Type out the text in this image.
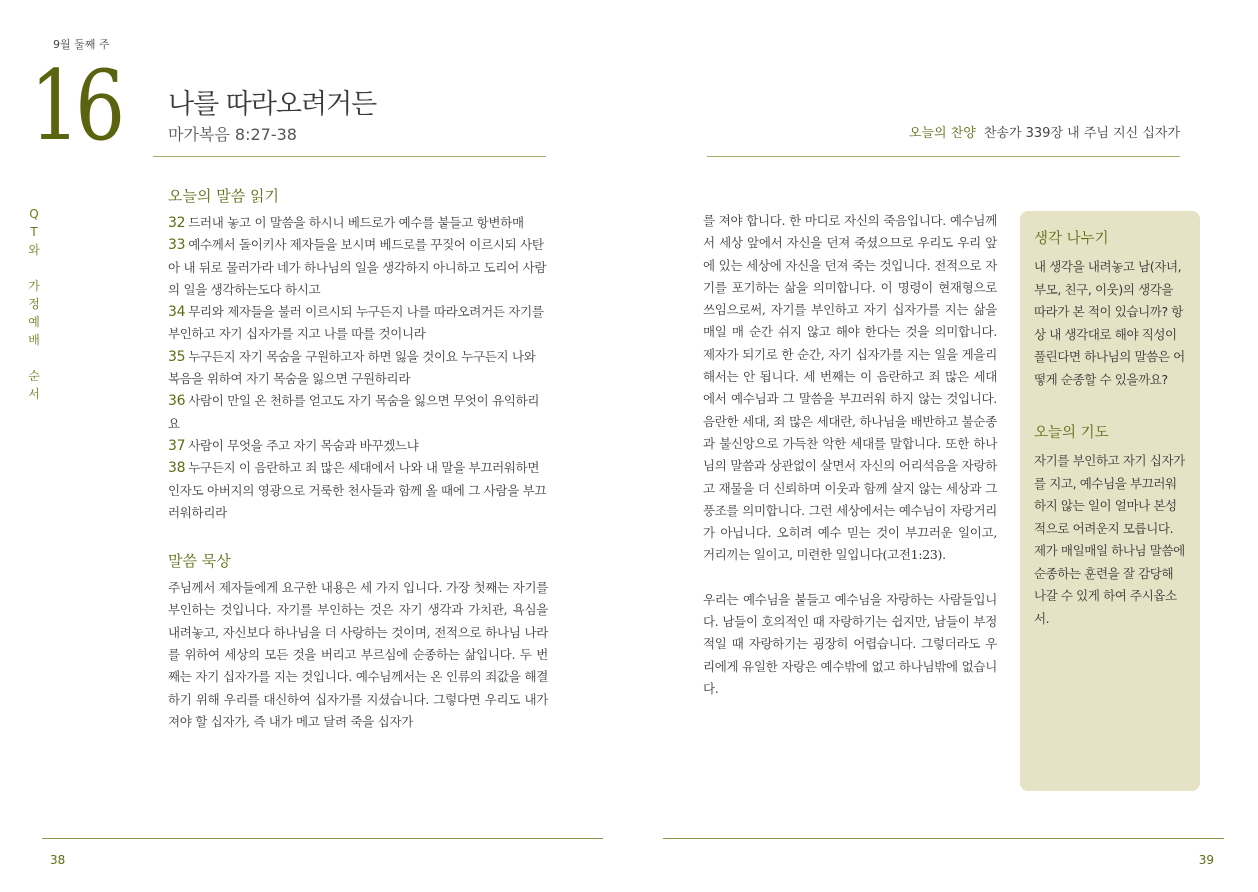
9월 둘째 주
16 나를 따라오려거든
마가복음 8:27-38
Q
T
와

가
정
예
배

순
서
오늘의 말씀 읽기

32 드러내 놓고 이 말씀을 하시니 베드로가 예수를 붙들고 항변하매

33 예수께서 돌이키사 제자들을 보시며 베드로를 꾸짖어 이르시되 사탄아 내 뒤로 물러가라 네가 하나님의 일을 생각하지 아니하고 도리어 사람의 일을 생각하는도다 하시고

34 무리와 제자들을 불러 이르시되 누구든지 나를 따라오려거든 자기를 부인하고 자기 십자가를 지고 나를 따를 것이니라

35 누구든지 자기 목숨을 구원하고자 하면 잃을 것이요 누구든지 나와 복음을 위하여 자기 목숨을 잃으면 구원하리라

36 사람이 만일 온 천하를 얻고도 자기 목숨을 잃으면 무엇이 유익하리요

37 사람이 무엇을 주고 자기 목숨과 바꾸겠느냐

38 누구든지 이 음란하고 죄 많은 세대에서 나와 내 말을 부끄러워하면 인자도 아버지의 영광으로 거룩한 천사들과 함께 올 때에 그 사람을 부끄러워하리라

말씀 묵상

주님께서 제자들에게 요구한 내용은 세 가지 입니다. 가장 첫째는 자기를 부인하는 것입니다. 자기를 부인하는 것은 자기 생각과 가치관, 욕심을 내려놓고, 자신보다 하나님을 더 사랑하는 것이며, 전적으로 하나님 나라를 위하여 세상의 모든 것을 버리고 부르심에 순종하는 삶입니다. 두 번째는 자기 십자가를 지는 것입니다. 예수님께서는 온 인류의 죄값을 해결하기 위해 우리를 대신하여 십자가를 지셨습니다. 그렇다면 우리도 내가 져야 할 십자가, 즉 내가 메고 달려 죽을 십자가

38
오늘의 찬양 찬송가 339장 내 주님 지신 십자가

를 져야 합니다. 한 마디로 자신의 죽음입니다. 예수님께서 세상 앞에서 자신을 던져 죽셨으므로 우리도 우리 앞에 있는 세상에 자신을 던져 죽는 것입니다. 전적으로 자기를 포기하는 삶을 의미합니다. 이 명령이 현재형으로 쓰임으로써, 자기를 부인하고 자기 십자가를 지는 삶을 매일 매 순간 쉬지 않고 해야 한다는 것을 의미합니다. 제자가 되기로 한 순간, 자기 십자가를 지는 일을 게을리 해서는 안 됩니다. 세 번째는 이 음란하고 죄 많은 세대에서 예수님과 그 말씀을 부끄러워 하지 않는 것입니다. 음란한 세대, 죄 많은 세대란, 하나님을 배반하고 불순종과 불신앙으로 가득찬 악한 세대를 말합니다. 또한 하나님의 말씀과 상관없이 살면서 자신의 어리석음을 자랑하고 재물을 더 신뢰하며 이웃과 함께 살지 않는 세상과 그 풍조를 의미합니다. 그런 세상에서는 예수님이 자랑거리가 아닙니다. 오히려 예수 믿는 것이 부끄러운 일이고, 거리끼는 일이고, 미련한 일입니다(고전1:23).

우리는 예수님을 붙들고 예수님을 자랑하는 사람들입니다. 남들이 호의적인 때 자랑하기는 쉽지만, 남들이 부정적일 때 자랑하기는 굉장히 어렵습니다. 그렇더라도 우리에게 유일한 자랑은 예수밖에 없고 하나님밖에 없습니다.

생각 나누기

내 생각을 내려놓고 남(자녀, 부모, 친구, 이웃)의 생각을 따라가 본 적이 있습니까? 항상 내 생각대로 해야 직성이 풀린다면 하나님의 말씀은 어떻게 순종할 수 있을까요?

오늘의 기도

자기를 부인하고 자기 십자가를 지고, 예수님을 부끄러워 하지 않는 일이 얼마나 본성적으로 어려운지 모릅니다. 제가 매일매일 하나님 말씀에 순종하는 훈련을 잘 감당해 나갈 수 있게 하여 주시옵소서.

39
